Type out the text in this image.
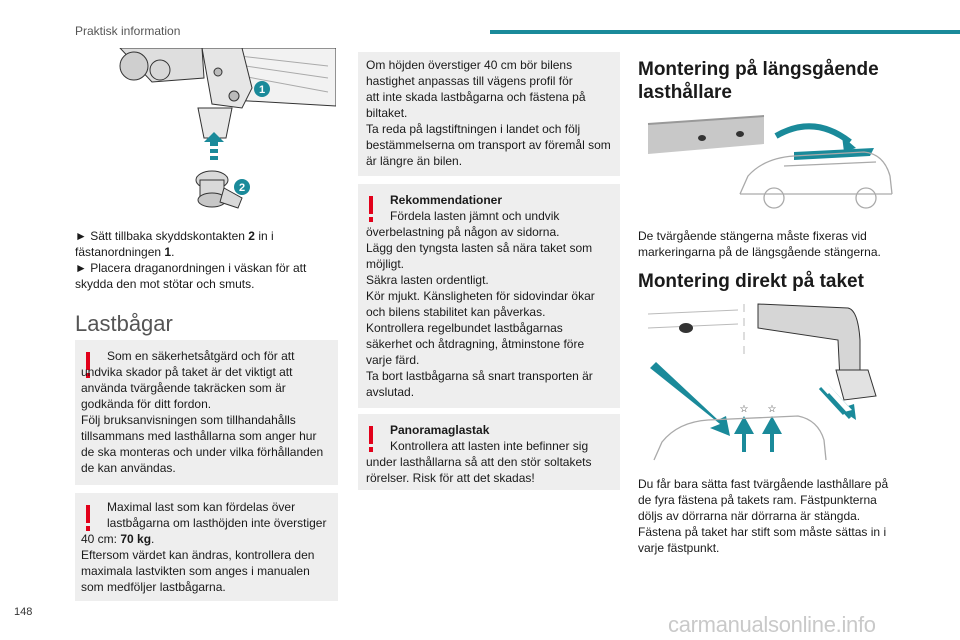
Praktisk information
1
2
► Sätt tillbaka skyddskontakten 2 in i
fästanordningen 1.
► Placera draganordningen i väskan för att
skydda den mot stötar och smuts.
Lastbågar
Som en säkerhetsåtgärd och för att
undvika skador på taket är det viktigt att
använda tvärgående takräcken som är
godkända för ditt fordon.
Följ bruksanvisningen som tillhandahålls
tillsammans med lasthållarna som anger hur
de ska monteras och under vilka förhållanden
de kan användas.
Maximal last som kan fördelas över
lastbågarna om lasthöjden inte överstiger
40 cm: 70 kg.
Eftersom värdet kan ändras, kontrollera den
maximala lastvikten som anges i manualen
som medföljer lastbågarna.
Om höjden överstiger 40 cm bör bilens
hastighet anpassas till vägens profil för
att inte skada lastbågarna och fästena på
biltaket.
Ta reda på lagstiftningen i landet och följ
bestämmelserna om transport av föremål som
är längre än bilen.
Rekommendationer
Fördela lasten jämnt och undvik
överbelastning på någon av sidorna.
Lägg den tyngsta lasten så nära taket som
möjligt.
Säkra lasten ordentligt.
Kör mjukt. Känsligheten för sidovindar ökar
och bilens stabilitet kan påverkas.
Kontrollera regelbundet lastbågarnas
säkerhet och åtdragning, åtminstone före
varje färd.
Ta bort lastbågarna så snart transporten är
avslutad.
Panoramaglastak
Kontrollera att lasten inte befinner sig
under lasthållarna så att den stör soltakets
rörelser. Risk för att det skadas!
Montering på längsgående
lasthållare
De tvärgående stängerna måste fixeras vid
markeringarna på de längsgående stängerna.
Montering direkt på taket
☆ ☆
Du får bara sätta fast tvärgående lasthållare på
de fyra fästena på takets ram. Fästpunkterna
döljs av dörrarna när dörrarna är stängda.
Fästena på taket har stift som måste sättas in i
varje fästpunkt.
148	carmanualsonline.info
